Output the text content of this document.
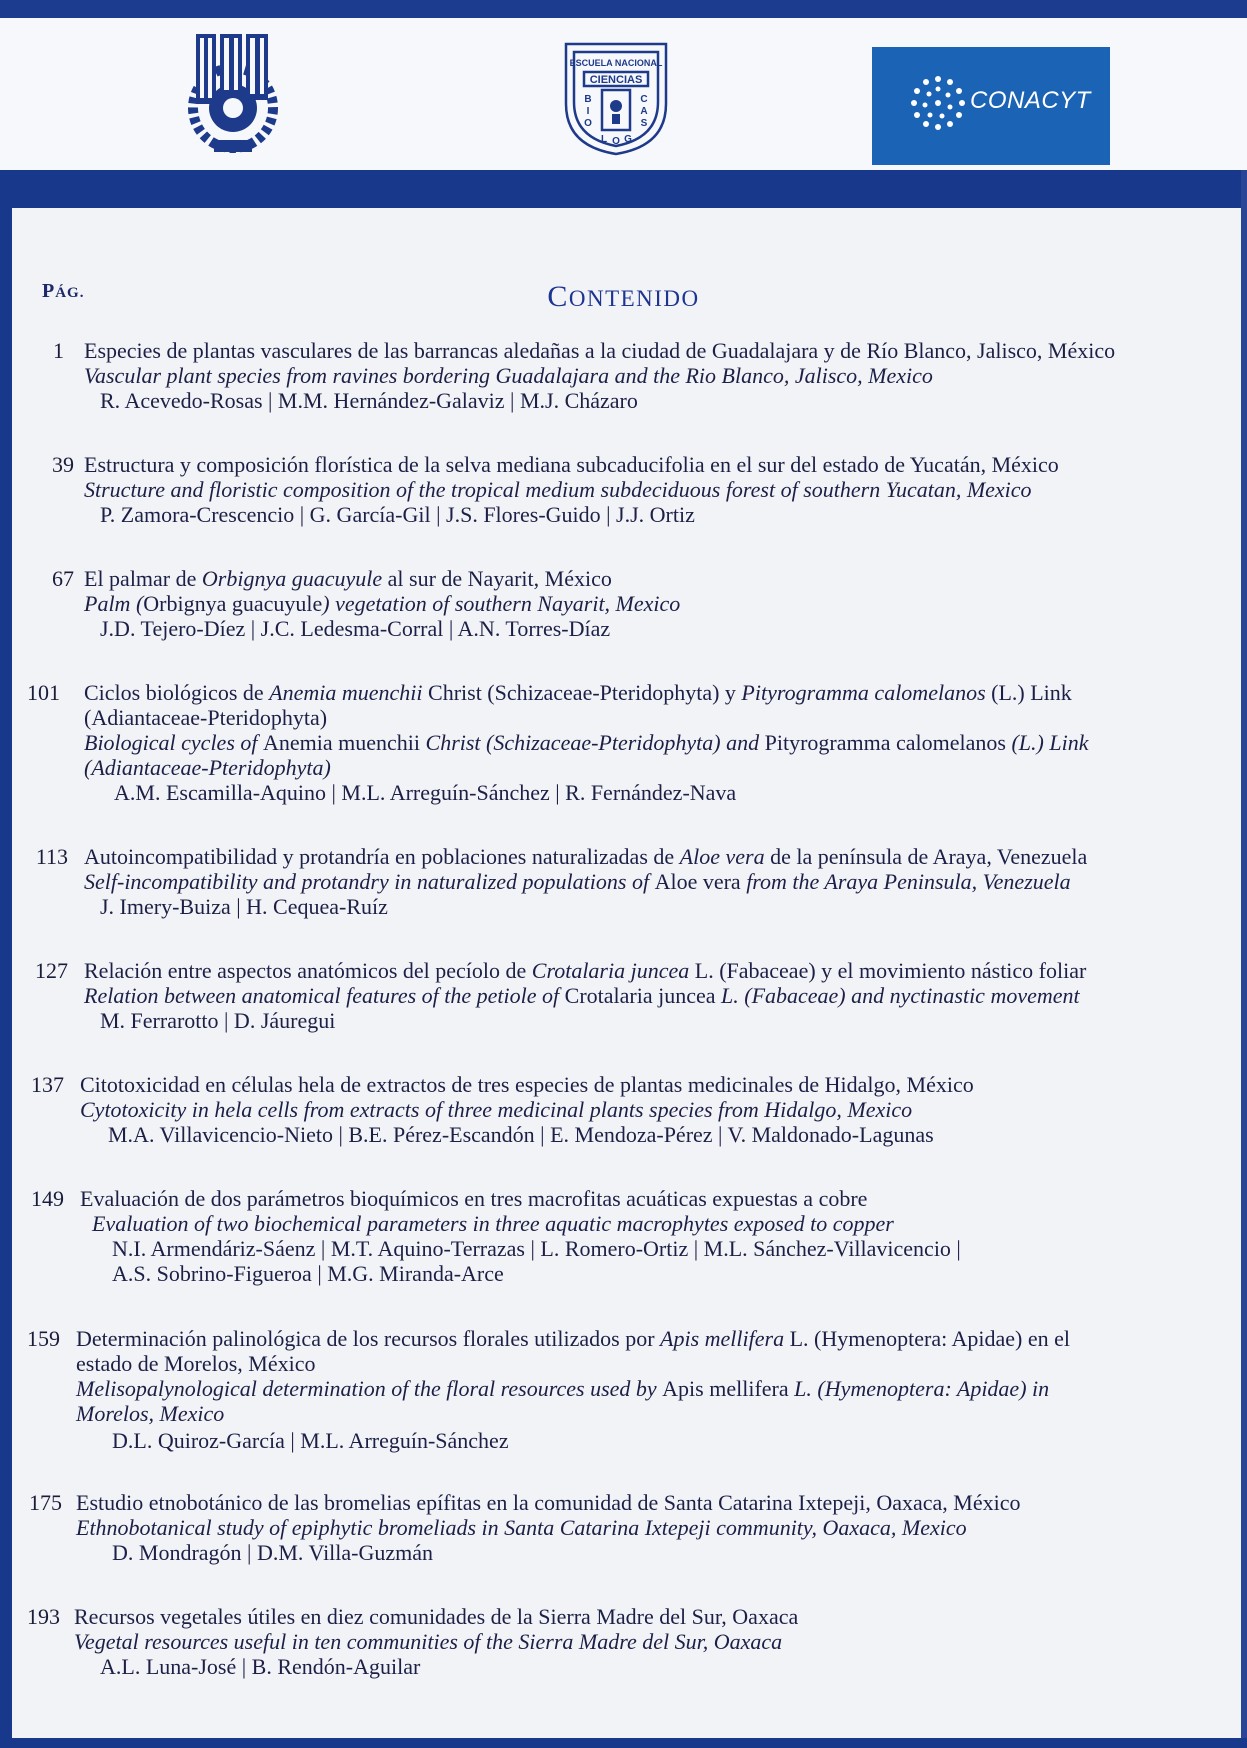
ESCUELA NACIONAL
CIENCIAS
B
I
O
C
A
S
L O G
CONACYT
PÁG.	CONTENIDO
1 Especies de plantas vasculares de las barrancas aledañas a la ciudad de Guadalajara y de Río Blanco, Jalisco, México
Vascular plant species from ravines bordering Guadalajara and the Rio Blanco, Jalisco, Mexico
R. Acevedo-Rosas | M.M. Hernández-Galaviz | M.J. Cházaro
39 Estructura y composición florística de la selva mediana subcaducifolia en el sur del estado de Yucatán, México
Structure and floristic composition of the tropical medium subdeciduous forest of southern Yucatan, Mexico
P. Zamora-Crescencio | G. García-Gil | J.S. Flores-Guido | J.J. Ortiz
67 El palmar de Orbignya guacuyule al sur de Nayarit, México
Palm (Orbignya guacuyule) vegetation of southern Nayarit, Mexico
J.D. Tejero-Díez | J.C. Ledesma-Corral | A.N. Torres-Díaz
101 Ciclos biológicos de Anemia muenchii Christ (Schizaceae-Pteridophyta) y Pityrogramma calomelanos (L.) Link
(Adiantaceae-Pteridophyta)
Biological cycles of Anemia muenchii Christ (Schizaceae-Pteridophyta) and Pityrogramma calomelanos (L.) Link
(Adiantaceae-Pteridophyta)
A.M. Escamilla-Aquino | M.L. Arreguín-Sánchez | R. Fernández-Nava
113 Autoincompatibilidad y protandría en poblaciones naturalizadas de Aloe vera de la península de Araya, Venezuela
Self-incompatibility and protandry in naturalized populations of Aloe vera from the Araya Peninsula, Venezuela
J. Imery-Buiza | H. Cequea-Ruíz
127 Relación entre aspectos anatómicos del pecíolo de Crotalaria juncea L. (Fabaceae) y el movimiento nástico foliar
Relation between anatomical features of the petiole of Crotalaria juncea L. (Fabaceae) and nyctinastic movement
M. Ferrarotto | D. Jáuregui
137 Citotoxicidad en células hela de extractos de tres especies de plantas medicinales de Hidalgo, México
Cytotoxicity in hela cells from extracts of three medicinal plants species from Hidalgo, Mexico
M.A. Villavicencio-Nieto | B.E. Pérez-Escandón | E. Mendoza-Pérez | V. Maldonado-Lagunas
149 Evaluación de dos parámetros bioquímicos en tres macrofitas acuáticas expuestas a cobre
Evaluation of two biochemical parameters in three aquatic macrophytes exposed to copper
N.I. Armendáriz-Sáenz | M.T. Aquino-Terrazas | L. Romero-Ortiz | M.L. Sánchez-Villavicencio |
A.S. Sobrino-Figueroa | M.G. Miranda-Arce
159 Determinación palinológica de los recursos florales utilizados por Apis mellifera L. (Hymenoptera: Apidae) en el
estado de Morelos, México
Melisopalynological determination of the floral resources used by Apis mellifera L. (Hymenoptera: Apidae) in
Morelos, Mexico
D.L. Quiroz-García | M.L. Arreguín-Sánchez
175 Estudio etnobotánico de las bromelias epífitas en la comunidad de Santa Catarina Ixtepeji, Oaxaca, México
Ethnobotanical study of epiphytic bromeliads in Santa Catarina Ixtepeji community, Oaxaca, Mexico
D. Mondragón | D.M. Villa-Guzmán
193 Recursos vegetales útiles en diez comunidades de la Sierra Madre del Sur, Oaxaca
Vegetal resources useful in ten communities of the Sierra Madre del Sur, Oaxaca
A.L. Luna-José | B. Rendón-Aguilar
